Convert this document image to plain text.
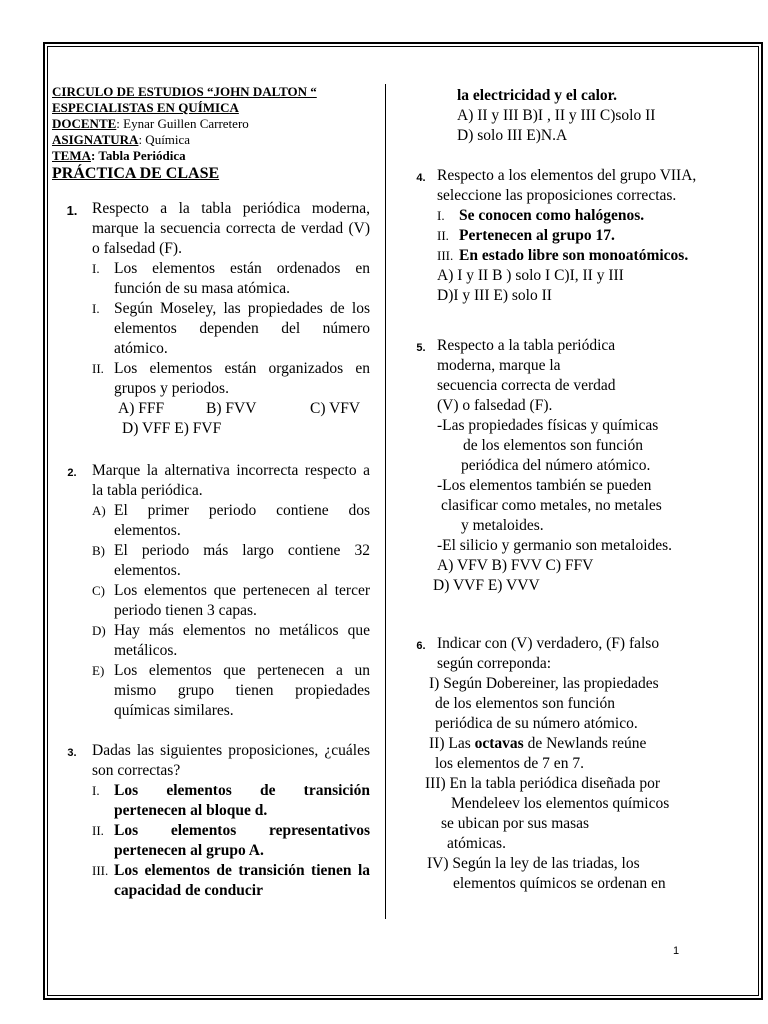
CIRCULO DE ESTUDIOS “JOHN DALTON “
ESPECIALISTAS EN QUÍMICA
DOCENTE: Eynar Guillen Carretero
ASIGNATURA: Química
TEMA: Tabla Periódica
PRÁCTICA DE CLASE
1. Respecto a la tabla periódica moderna, marque la secuencia correcta de verdad (V) o falsedad (F).
I. Los elementos están ordenados en función de su masa atómica.
I. Según Moseley, las propiedades de los elementos dependen del número atómico.
II. Los elementos están organizados en grupos y periodos.
A) FFF	B) FVV	C) VFV
D) VFF E) FVF
2. Marque la alternativa incorrecta respecto a la tabla periódica.
A) El primer periodo contiene dos elementos.
B) El periodo más largo contiene 32 elementos.
C) Los elementos que pertenecen al tercer periodo tienen 3 capas.
D) Hay más elementos no metálicos que metálicos.
E) Los elementos que pertenecen a un mismo grupo tienen propiedades químicas similares.
3. Dadas las siguientes proposiciones, ¿cuáles son correctas?
I. Los elementos de transición pertenecen al bloque d.
II. Los elementos representativos pertenecen al grupo A.
III. Los elementos de transición tienen la capacidad de conducir
la electricidad y el calor.
A) II y III B)I , II y III C)solo II
D) solo III E)N.A
4. Respecto a los elementos del grupo VIIA, seleccione las proposiciones correctas.
I. Se conocen como halógenos.
II. Pertenecen al grupo 17.
III. En estado libre son monoatómicos.
A) I y II B ) solo I C)I, II y III
D)I y III E) solo II
5. Respecto a la tabla periódica
moderna, marque la
secuencia correcta de verdad
(V) o falsedad (F).
-Las propiedades físicas y químicas
de los elementos son función
periódica del número atómico.
-Los elementos también se pueden
clasificar como metales, no metales
y metaloides.
-El silicio y germanio son metaloides.
A) VFV B) FVV C) FFV
D) VVF E) VVV
6. Indicar con (V) verdadero, (F) falso
según correponda:
I) Según Dobereiner, las propiedades
de los elementos son función
periódica de su número atómico.
II) Las octavas de Newlands reúne
los elementos de 7 en 7.
III) En la tabla periódica diseñada por
Mendeleev los elementos químicos
se ubican por sus masas
atómicas.
IV) Según la ley de las triadas, los
elementos químicos se ordenan en
1
